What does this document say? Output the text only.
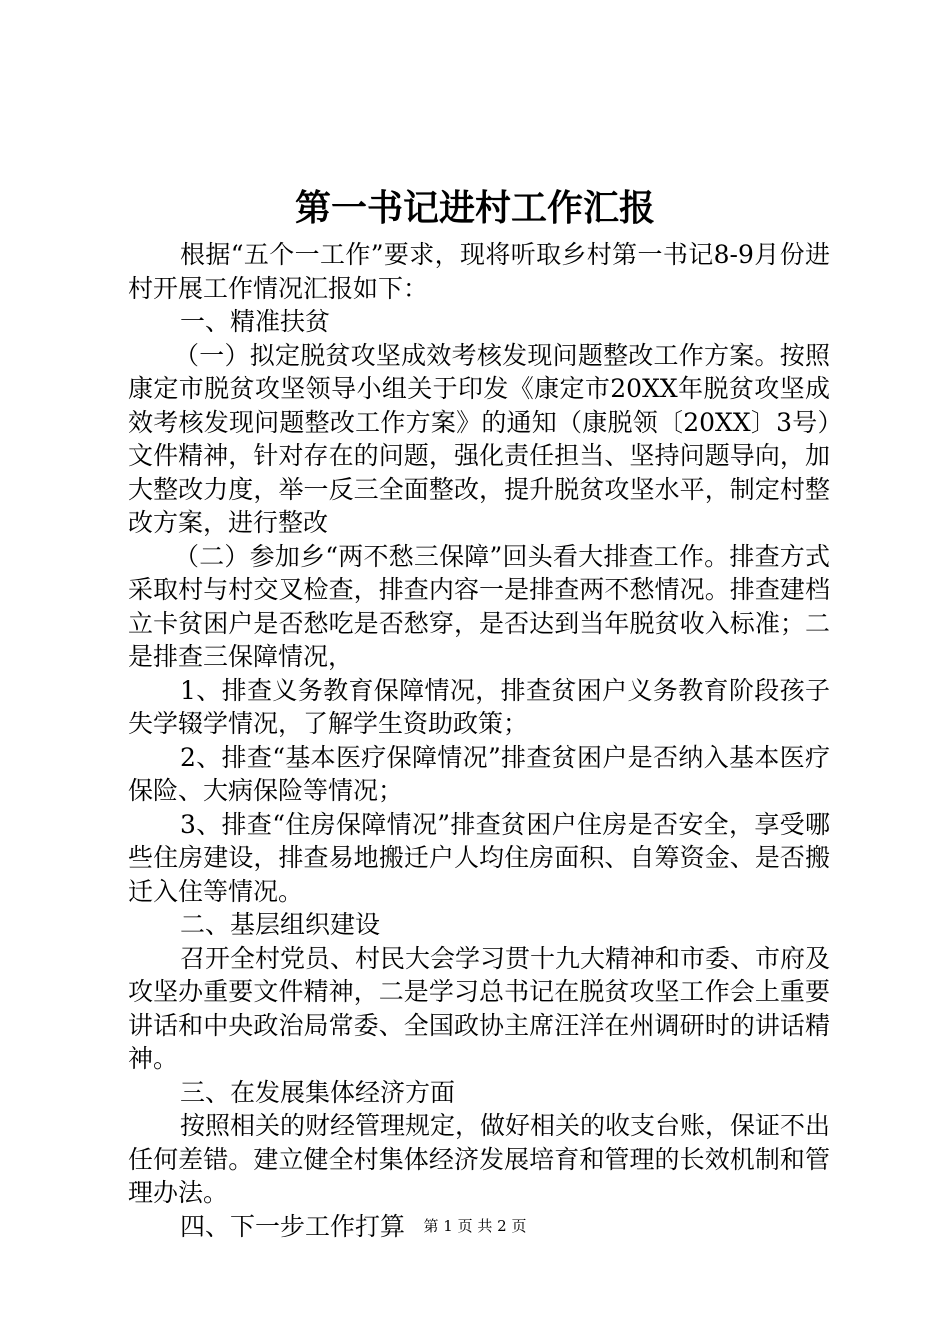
第一书记进村工作汇报

根据“五个一工作”要求，现将听取乡村第一书记8-9月份进村开展工作情况汇报如下：

一、精准扶贫

（一）拟定脱贫攻坚成效考核发现问题整改工作方案。按照康定市脱贫攻坚领导小组关于印发《康定市20XX年脱贫攻坚成效考核发现问题整改工作方案》的通知（康脱领〔20XX〕3号）文件精神，针对存在的问题，强化责任担当、坚持问题导向，加大整改力度，举一反三全面整改，提升脱贫攻坚水平，制定村整改方案，进行整改

（二）参加乡“两不愁三保障”回头看大排查工作。排查方式采取村与村交叉检查，排查内容一是排查两不愁情况。排查建档立卡贫困户是否愁吃是否愁穿，是否达到当年脱贫收入标准；二是排查三保障情况，

1、排查义务教育保障情况，排查贫困户义务教育阶段孩子失学辍学情况，了解学生资助政策；

2、排查“基本医疗保障情况”排查贫困户是否纳入基本医疗保险、大病保险等情况；

3、排查“住房保障情况”排查贫困户住房是否安全，享受哪些住房建设，排查易地搬迁户人均住房面积、自筹资金、是否搬迁入住等情况。

二、基层组织建设

召开全村党员、村民大会学习贯十九大精神和市委、市府及攻坚办重要文件精神，二是学习总书记在脱贫攻坚工作会上重要讲话和中央政治局常委、全国政协主席汪洋在州调研时的讲话精神。

三、在发展集体经济方面

按照相关的财经管理规定，做好相关的收支台账，保证不出任何差错。建立健全村集体经济发展培育和管理的长效机制和管理办法。

四、下一步工作打算	第 1 页 共 2 页
